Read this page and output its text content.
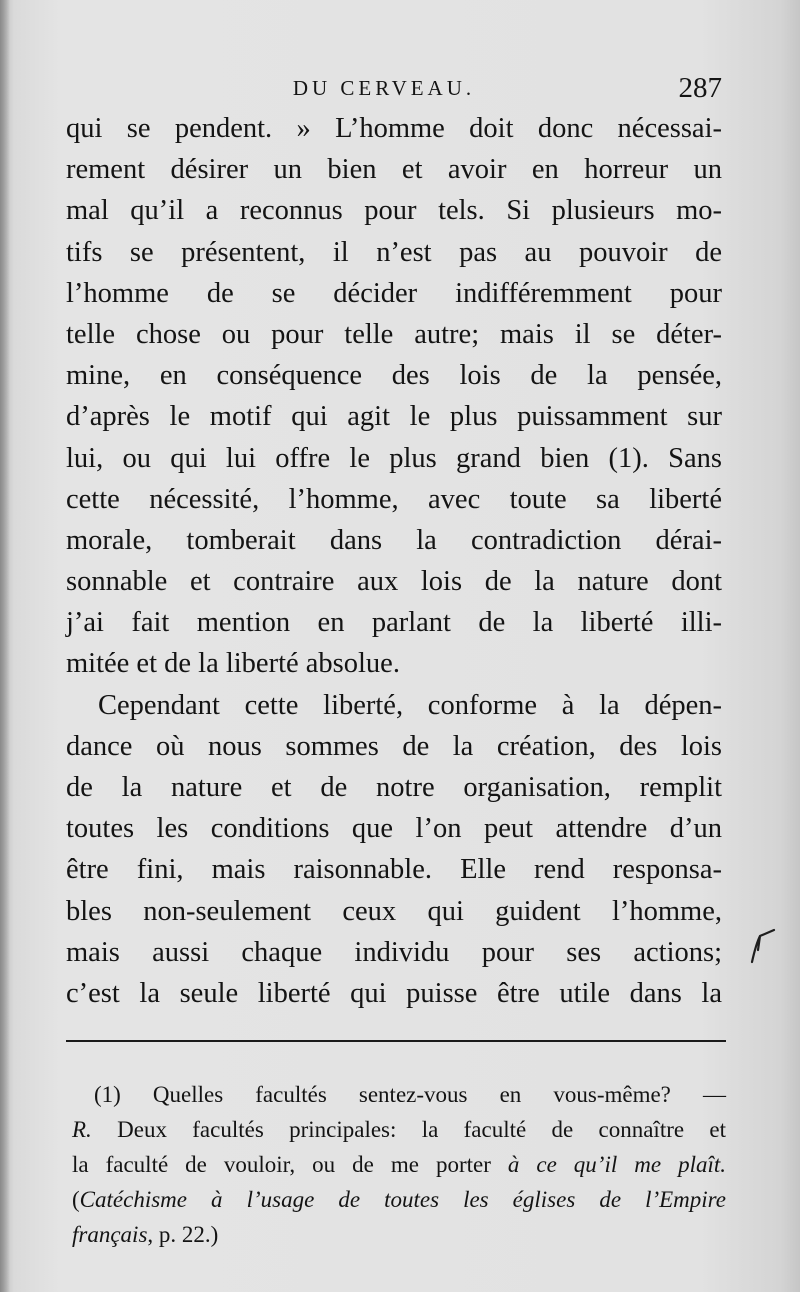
DU CERVEAU.	287
qui se pendent. » L’homme doit donc nécessai-
rement désirer un bien et avoir en horreur un
mal qu’il a reconnus pour tels. Si plusieurs mo-
tifs se présentent, il n’est pas au pouvoir de
l’homme de se décider indifféremment pour
telle chose ou pour telle autre; mais il se déter-
mine, en conséquence des lois de la pensée,
d’après le motif qui agit le plus puissamment sur
lui, ou qui lui offre le plus grand bien (1). Sans
cette nécessité, l’homme, avec toute sa liberté
morale, tomberait dans la contradiction dérai-
sonnable et contraire aux lois de la nature dont
j’ai fait mention en parlant de la liberté illi-
mitée et de la liberté absolue.
Cependant cette liberté, conforme à la dépen-
dance où nous sommes de la création, des lois
de la nature et de notre organisation, remplit
toutes les conditions que l’on peut attendre d’un
être fini, mais raisonnable. Elle rend responsa-
bles non-seulement ceux qui guident l’homme,
mais aussi chaque individu pour ses actions;
c’est la seule liberté qui puisse être utile dans la
(1) Quelles facultés sentez-vous en vous-même? —
R. Deux facultés principales: la faculté de connaître et
la faculté de vouloir, ou de me porter à ce qu’il me plaît.
(Catéchisme à l’usage de toutes les églises de l’Empire
français, p. 22.)
